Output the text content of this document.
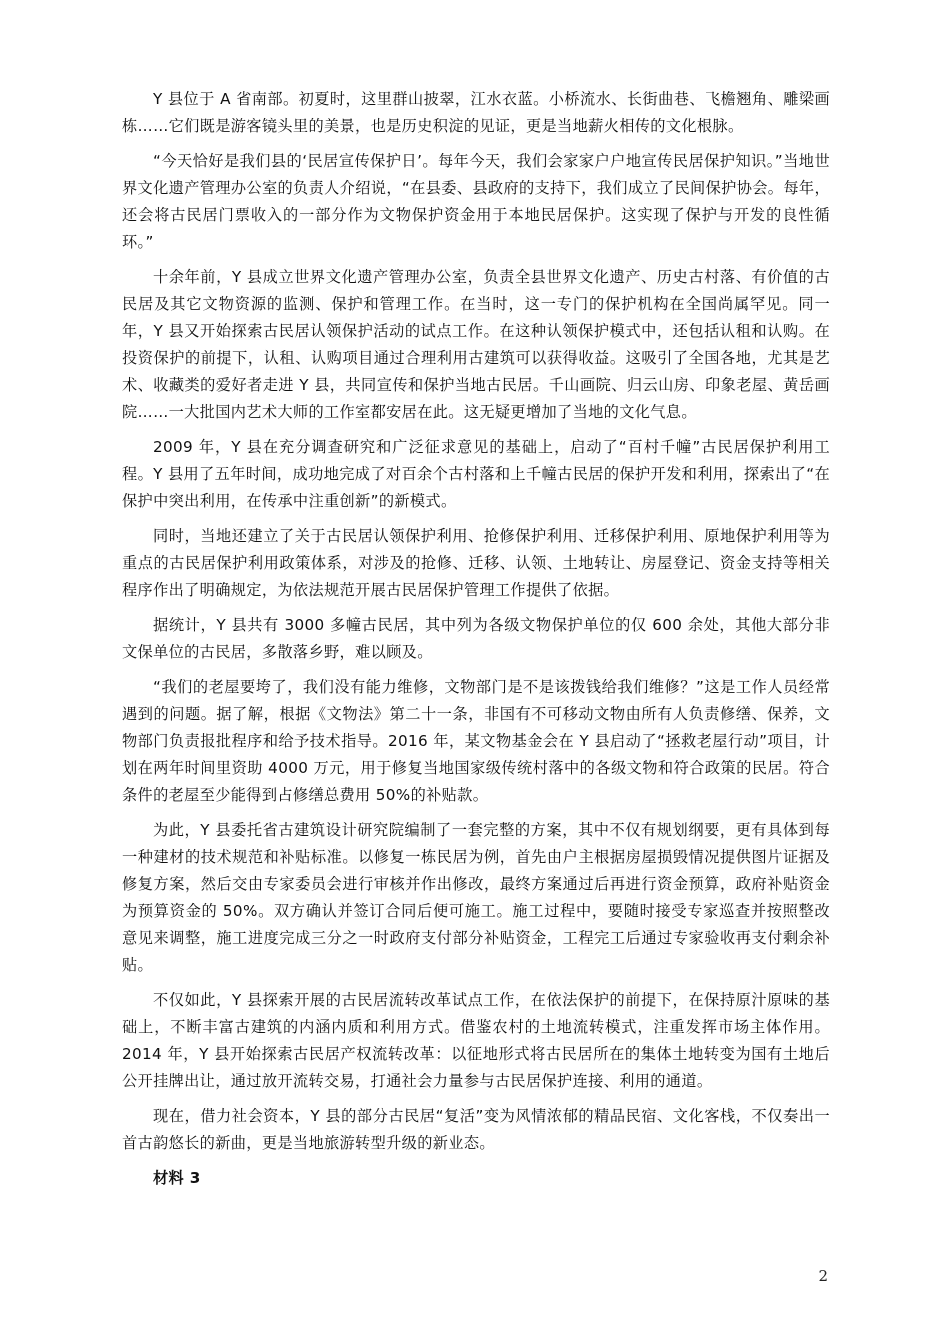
Y 县位于 A 省南部。初夏时，这里群山披翠，江水衣蓝。小桥流水、长街曲巷、飞檐翘角、雕梁画栋……它们既是游客镜头里的美景，也是历史积淀的见证，更是当地薪火相传的文化根脉。

“今天恰好是我们县的‘民居宣传保护日’。每年今天，我们会家家户户地宣传民居保护知识。”当地世界文化遗产管理办公室的负责人介绍说，“在县委、县政府的支持下，我们成立了民间保护协会。每年，还会将古民居门票收入的一部分作为文物保护资金用于本地民居保护。这实现了保护与开发的良性循环。”

十余年前，Y 县成立世界文化遗产管理办公室，负责全县世界文化遗产、历史古村落、有价值的古民居及其它文物资源的监测、保护和管理工作。在当时，这一专门的保护机构在全国尚属罕见。同一年，Y 县又开始探索古民居认领保护活动的试点工作。在这种认领保护模式中，还包括认租和认购。在投资保护的前提下，认租、认购项目通过合理利用古建筑可以获得收益。这吸引了全国各地，尤其是艺术、收藏类的爱好者走进 Y 县，共同宣传和保护当地古民居。千山画院、归云山房、印象老屋、黄岳画院……一大批国内艺术大师的工作室都安居在此。这无疑更增加了当地的文化气息。

2009 年，Y 县在充分调查研究和广泛征求意见的基础上，启动了“百村千幢”古民居保护利用工程。Y 县用了五年时间，成功地完成了对百余个古村落和上千幢古民居的保护开发和利用，探索出了“在保护中突出利用，在传承中注重创新”的新模式。

同时，当地还建立了关于古民居认领保护利用、抢修保护利用、迁移保护利用、原地保护利用等为重点的古民居保护利用政策体系，对涉及的抢修、迁移、认领、土地转让、房屋登记、资金支持等相关程序作出了明确规定，为依法规范开展古民居保护管理工作提供了依据。

据统计，Y 县共有 3000 多幢古民居，其中列为各级文物保护单位的仅 600 余处，其他大部分非文保单位的古民居，多散落乡野，难以顾及。

“我们的老屋要垮了，我们没有能力维修，文物部门是不是该拨钱给我们维修？”这是工作人员经常遇到的问题。据了解，根据《文物法》第二十一条，非国有不可移动文物由所有人负责修缮、保养，文物部门负责报批程序和给予技术指导。2016 年，某文物基金会在 Y 县启动了“拯救老屋行动”项目，计划在两年时间里资助 4000 万元，用于修复当地国家级传统村落中的各级文物和符合政策的民居。符合条件的老屋至少能得到占修缮总费用 50%的补贴款。

为此，Y 县委托省古建筑设计研究院编制了一套完整的方案，其中不仅有规划纲要，更有具体到每一种建材的技术规范和补贴标准。以修复一栋民居为例，首先由户主根据房屋损毁情况提供图片证据及修复方案，然后交由专家委员会进行审核并作出修改，最终方案通过后再进行资金预算，政府补贴资金为预算资金的 50%。双方确认并签订合同后便可施工。施工过程中，要随时接受专家巡查并按照整改意见来调整，施工进度完成三分之一时政府支付部分补贴资金，工程完工后通过专家验收再支付剩余补贴。

不仅如此，Y 县探索开展的古民居流转改革试点工作，在依法保护的前提下，在保持原汁原味的基础上，不断丰富古建筑的内涵内质和利用方式。借鉴农村的土地流转模式，注重发挥市场主体作用。2014 年，Y 县开始探索古民居产权流转改革：以征地形式将古民居所在的集体土地转变为国有土地后公开挂牌出让，通过放开流转交易，打通社会力量参与古民居保护连接、利用的通道。

现在，借力社会资本，Y 县的部分古民居“复活”变为风情浓郁的精品民宿、文化客栈，不仅奏出一首古韵悠长的新曲，更是当地旅游转型升级的新业态。

材料 3

2
